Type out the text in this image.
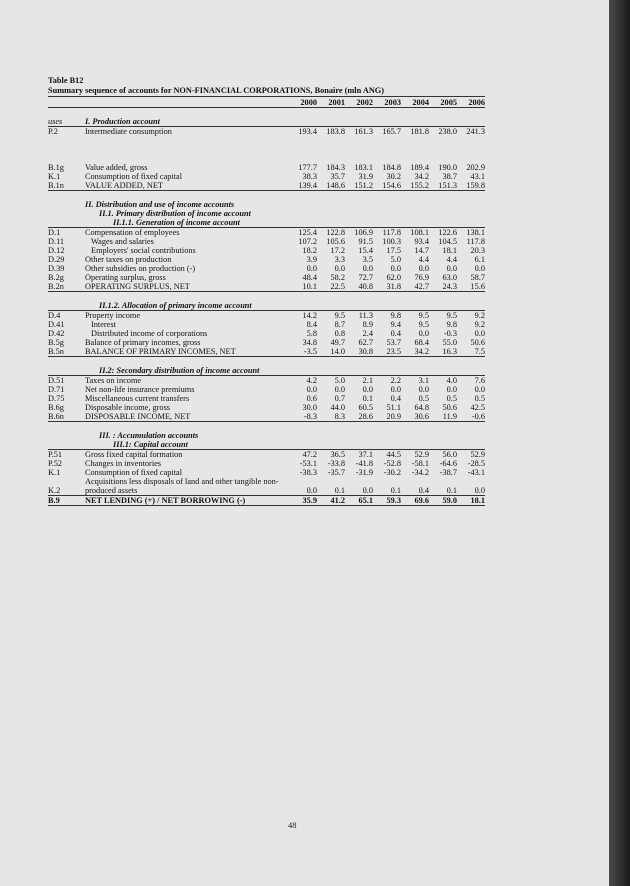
Table B12
Summary sequence of accounts for NON-FINANCIAL CORPORATIONS, Bonaire (mln ANG)
		2000	2001	2002	2003	2004	2005	2006

uses	I. Production account							
P.2	Intermediate consumption	193.4	183.8	161.3	165.7	181.8	238.0	241.3

B.1g	Value added, gross	177.7	184.3	183.1	184.8	189.4	190.0	202.9
K.1	Consumption of fixed capital	38.3	35.7	31.9	30.2	34.2	38.7	43.1
B.1n	VALUE ADDED, NET	139.4	148.6	151.2	154.6	155.2	151.3	159.8

	II. Distribution and use of income accounts							
	II.1. Primary distribution of income account							
	II.1.1. Generation of income account							
D.1	Compensation of employees	125.4	122.8	106.9	117.8	108.1	122.6	138.1
D.11	Wages and salaries	107.2	105.6	91.5	100.3	93.4	104.5	117.8
D.12	Employers' social contributions	18.2	17.2	15.4	17.5	14.7	18.1	20.3
D.29	Other taxes on production	3.9	3.3	3.5	5.0	4.4	4.4	6.1
D.39	Other subsidies on production (-)	0.0	0.0	0.0	0.0	0.0	0.0	0.0
B.2g	Operating surplus, gross	48.4	58.2	72.7	62.0	76.9	63.0	58.7
B.2n	OPERATING SURPLUS, NET	10.1	22.5	40.8	31.8	42.7	24.3	15.6

	II.1.2. Allocation of primary income account							
D.4	Property income	14.2	9.5	11.3	9.8	9.5	9.5	9.2
D.41	Interest	8.4	8.7	8.9	9.4	9.5	9.8	9.2
D.42	Distributed income of corporations	5.8	0.8	2.4	0.4	0.0	-0.3	0.0
B.5g	Balance of primary incomes, gross	34.8	49.7	62.7	53.7	68.4	55.0	50.6
B.5n	BALANCE OF PRIMARY INCOMES, NET	-3.5	14.0	30.8	23.5	34.2	16.3	7.5

	II.2: Secondary distribution of income account							
D.51	Taxes on income	4.2	5.0	2.1	2.2	3.1	4.0	7.6
D.71	Net non-life insurance premiums	0.0	0.0	0.0	0.0	0.0	0.0	0.0
D.75	Miscellaneous current transfers	0.6	0.7	0.1	0.4	0.5	0.5	0.5
B.6g	Disposable income, gross	30.0	44.0	60.5	51.1	64.8	50.6	42.5
B.6n	DISPOSABLE INCOME, NET	-8.3	8.3	28.6	20.9	30.6	11.9	-0.6

	III. : Accumulation accounts							
	III.1: Capital account							
P.51	Gross fixed capital formation	47.2	36.5	37.1	44.5	52.9	56.0	52.9
P.52	Changes in inventories	-53.1	-33.8	-41.8	-52.8	-58.1	-64.6	-28.5
K.1	Consumption of fixed capital	-38.3	-35.7	-31.9	-30.2	-34.2	-38.7	-43.1
	Acquisitions less disposals of land and other tangible non-							
K.2	produced assets	0.0	0.1	0.0	0.1	0.4	0.1	0.0
B.9	NET LENDING (+) / NET BORROWING (-)	35.9	41.2	65.1	59.3	69.6	59.0	18.1
48
